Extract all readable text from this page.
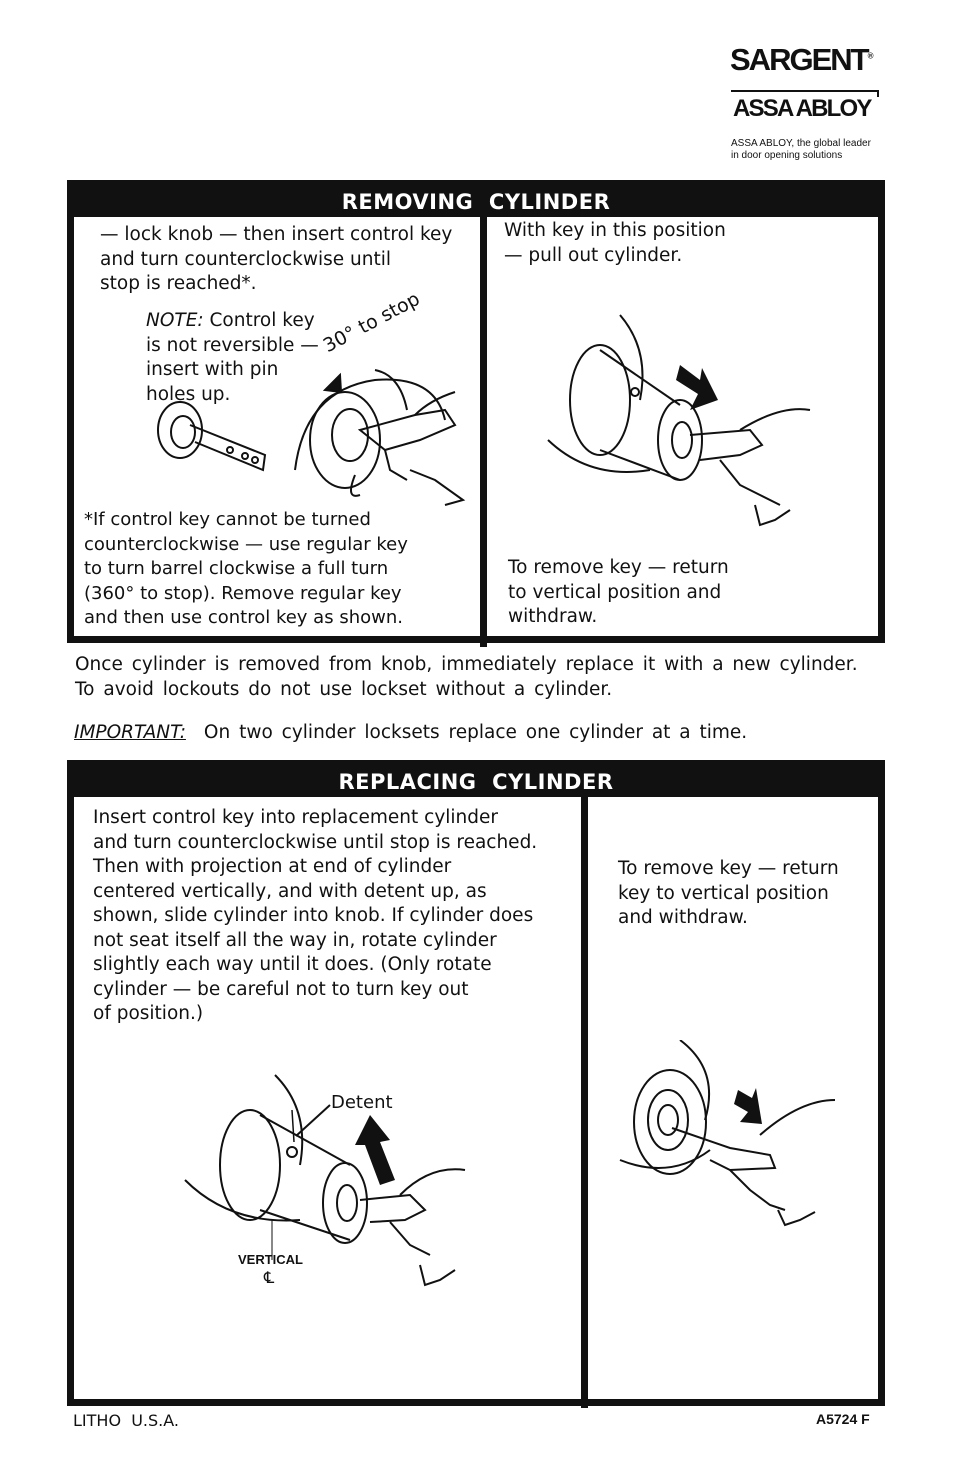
SARGENT®
ASSA ABLOY
ASSA ABLOY, the global leader
in door opening solutions
REMOVING  CYLINDER
— lock knob — then insert control key
and turn counterclockwise until
stop is reached*.
NOTE: Control key
is not reversible —
insert with pin
holes up.
30° to stop
*If control key cannot be turned
counterclockwise — use regular key
to turn barrel clockwise a full turn
(360° to stop). Remove regular key
and then use control key as shown.
With key in this position
— pull out cylinder.
To remove key — return
to vertical position and
withdraw.
Once cylinder is removed from knob, immediately replace it with a new cylinder.
To avoid lockouts do not use lockset without a cylinder.
IMPORTANT: On two cylinder locksets replace one cylinder at a time.
REPLACING  CYLINDER
Insert control key into replacement cylinder
and turn counterclockwise until stop is reached.
Then with projection at end of cylinder
centered vertically, and with detent up, as
shown, slide cylinder into knob. If cylinder does
not seat itself all the way in, rotate cylinder
slightly each way until it does. (Only rotate
cylinder — be careful not to turn key out
of position.)
To remove key — return
key to vertical position
and withdraw.
Detent
VERTICAL
℄
LITHO  U.S.A.	A5724 F
